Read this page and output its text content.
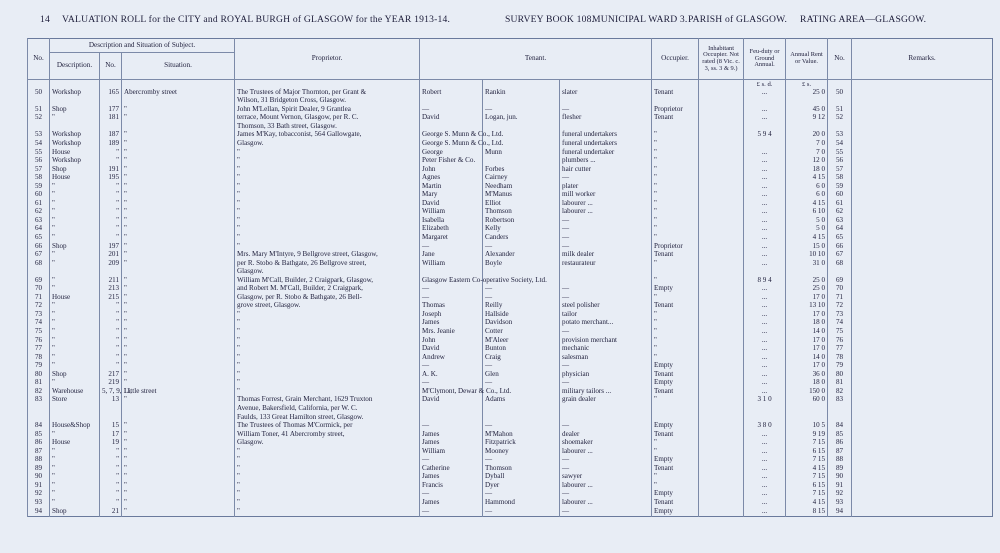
14 VALUATION ROLL for the CITY and ROYAL BURGH of GLASGOW for the YEAR 1913-14.	SURVEY BOOK 108.
MUNICIPAL WARD 3. PARISH of GLASGOW. RATING AREA—GLASGOW.
No.	Description and Situation of Subject.			Proprietor.	Tenant.			Occupier.	Inhabitant Occupier. Not rated (8 Vic. c. 3, ss. 3 & 9.)	Feu-duty or Ground Annual.	Annual Rent or Value.	No.	Remarks.
	Description.	No.	Situation.										
										£ s. d.	£ s.		
50	Workshop	165	Abercromby street	The Trustees of Major Thornton, per Grant &	Robert	Rankin	slater	Tenant		...	25 0	50	
				Wilson, 31 Bridgeton Cross, Glasgow.									
51	Shop	177	"	John M'Lellan, Spirit Dealer, 9 Grantlea	—	—	—	Proprietor		...	45 0	51	
52	"	181	"	terrace, Mount Vernon, Glasgow, per R. C.	David	Logan, jun.	flesher	Tenant		...	9 12	52	
				Thomson, 33 Bath street, Glasgow.									
53	Workshop	187	"	James M'Kay, tobacconist, 564 Gallowgate,	George S. Munn & Co., Ltd.		funeral undertakers	"		5 9 4	20 0	53	
54	Workshop	189	"	Glasgow.	George S. Munn & Co., Ltd.		funeral undertakers	"			7 0	54	
55	House	"	"	"	George	Munn	funeral undertaker	"		...	7 0	55	
56	Workshop	"	"	"	Peter Fisher & Co.		plumbers ...	"		...	12 0	56	
57	Shop	191	"	"	John	Forbes	hair cutter	"		...	18 0	57	
58	House	195	"	"	Agnes	Cairney	—	"		...	4 15	58	
59	"	"	"	"	Martin	Needham	plater	"		...	6 0	59	
60	"	"	"	"	Mary	M'Manus	mill worker	"		...	6 0	60	
61	"	"	"	"	David	Elliot	labourer ...	"		...	4 15	61	
62	"	"	"	"	William	Thomson	labourer ...	"		...	6 10	62	
63	"	"	"	"	Isabella	Robertson	—	"		...	5 0	63	
64	"	"	"	"	Elizabeth	Kelly	—	"		...	5 0	64	
65	"	"	"	"	Margaret	Canders	—	"		...	4 15	65	
66	Shop	197	"	"	—	—	—	Proprietor		...	15 0	66	
67	"	201	"	Mrs. Mary M'Intyre, 9 Bellgrove street, Glasgow,	Jane	Alexander	milk dealer	Tenant		...	10 10	67	
68	"	209	"	per R. Stobo & Bathgate, 26 Bellgrove street,	William	Boyle	restaurateur	"		...	31 0	68	
				Glasgow.									
69	"	211	"	William M'Call, Builder, 2 Craigpark, Glasgow,	Glasgow Eastern Co-operative Society, Ltd.			"		8 9 4	25 0	69	
70	"	213	"	and Robert M. M'Call, Builder, 2 Craigpark,	—	—	—	Empty		...	25 0	70	
71	House	215	"	Glasgow, per R. Stobo & Bathgate, 26 Bell-	—	—	—	"		...	17 0	71	
72	"	"	"	grove street, Glasgow.	Thomas	Reilly	steel polisher	Tenant		...	13 10	72	
73	"	"	"	"	Joseph	Hallside	tailor	"		...	17 0	73	
74	"	"	"	"	James	Davidson	potato merchant...	"		...	18 0	74	
75	"	"	"	"	Mrs. Jeanie	Cotter	—	"		...	14 0	75	
76	"	"	"	"	John	M'Aleer	provision merchant	"		...	17 0	76	
77	"	"	"	"	David	Bunton	mechanic	"		...	17 0	77	
78	"	"	"	"	Andrew	Craig	salesman	"		...	14 0	78	
79	"	"	"	"	—	—	—	Empty		...	17 0	79	
80	Shop	217	"	"	A. K.	Glen	physician	Tenant		...	36 0	80	
81	"	219	"	"	—	—	—	Empty		...	18 0	81	
82	Warehouse	5, 7, 9, 11,	Little street	"	M'Clymont, Dewar & Co., Ltd.		military tailors ...	Tenant		...	150 0	82	
83	Store	13	"	Thomas Forrest, Grain Merchant, 1629 Truxton	David	Adams	grain dealer	"		3 1 0	60 0	83	
				Avenue, Bakersfield, California, per W. C.									
				Faulds, 133 Great Hamilton street, Glasgow.									
84	House&Shop	15	"	The Trustees of Thomas M'Cormick, per	—	—	—	Empty		3 8 0	10 5	84	
85	"	17	"	William Toner, 41 Abercromby street,	James	M'Mahon	dealer	Tenant		...	9 19	85	
86	House	19	"	Glasgow.	James	Fitzpatrick	shoemaker	"		...	7 15	86	
87	"	"	"	"	William	Mooney	labourer ...	"		...	6 15	87	
88	"	"	"	"	—	—	—	Empty		...	7 15	88	
89	"	"	"	"	Catherine	Thomson	—	Tenant		...	4 15	89	
90	"	"	"	"	James	Dyball	sawyer	"		...	7 15	90	
91	"	"	"	"	Francis	Dyer	labourer ...	"		...	6 15	91	
92	"	"	"	"	—	—	—	Empty		...	7 15	92	
93	"	"	"	"	James	Hammond	labourer ...	Tenant		...	4 15	93	
94	Shop	21	"	"	—	—	—	Empty		...	8 15	94	
